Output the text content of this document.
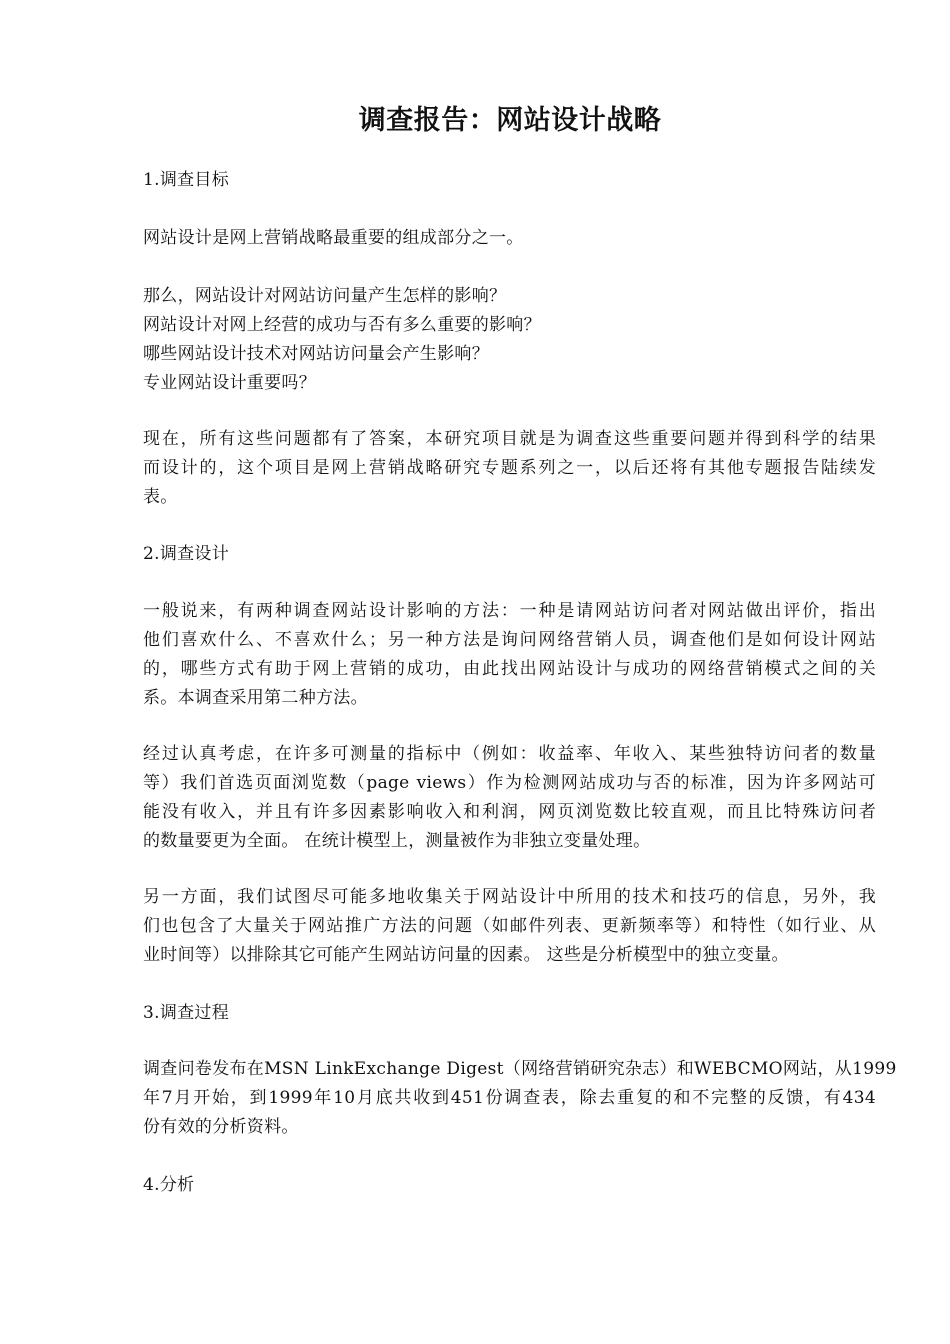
调查报告：网站设计战略

1.调查目标

网站设计是网上营销战略最重要的组成部分之一。

那么，网站设计对网站访问量产生怎样的影响？

网站设计对网上经营的成功与否有多么重要的影响？

哪些网站设计技术对网站访问量会产生影响？

专业网站设计重要吗？

现在，所有这些问题都有了答案，本研究项目就是为调查这些重要问题并得到科学的结果

而设计的，这个项目是网上营销战略研究专题系列之一，以后还将有其他专题报告陆续发

表。

2.调查设计

一般说来，有两种调查网站设计影响的方法：一种是请网站访问者对网站做出评价，指出

他们喜欢什么、不喜欢什么；另一种方法是询问网络营销人员，调查他们是如何设计网站

的，哪些方式有助于网上营销的成功，由此找出网站设计与成功的网络营销模式之间的关

系。本调查采用第二种方法。

经过认真考虑，在许多可测量的指标中（例如：收益率、年收入、某些独特访问者的数量

等）我们首选页面浏览数（page views）作为检测网站成功与否的标准，因为许多网站可

能没有收入，并且有许多因素影响收入和利润，网页浏览数比较直观，而且比特殊访问者

的数量要更为全面。 在统计模型上，测量被作为非独立变量处理。

另一方面，我们试图尽可能多地收集关于网站设计中所用的技术和技巧的信息，另外，我

们也包含了大量关于网站推广方法的问题（如邮件列表、更新频率等）和特性（如行业、从

业时间等）以排除其它可能产生网站访问量的因素。 这些是分析模型中的独立变量。

3.调查过程

调查问卷发布在MSN LinkExchange Digest（网络营销研究杂志）和WEBCMO网站，从1999

年7月开始，到1999年10月底共收到451份调查表，除去重复的和不完整的反馈，有434

份有效的分析资料。

4.分析
